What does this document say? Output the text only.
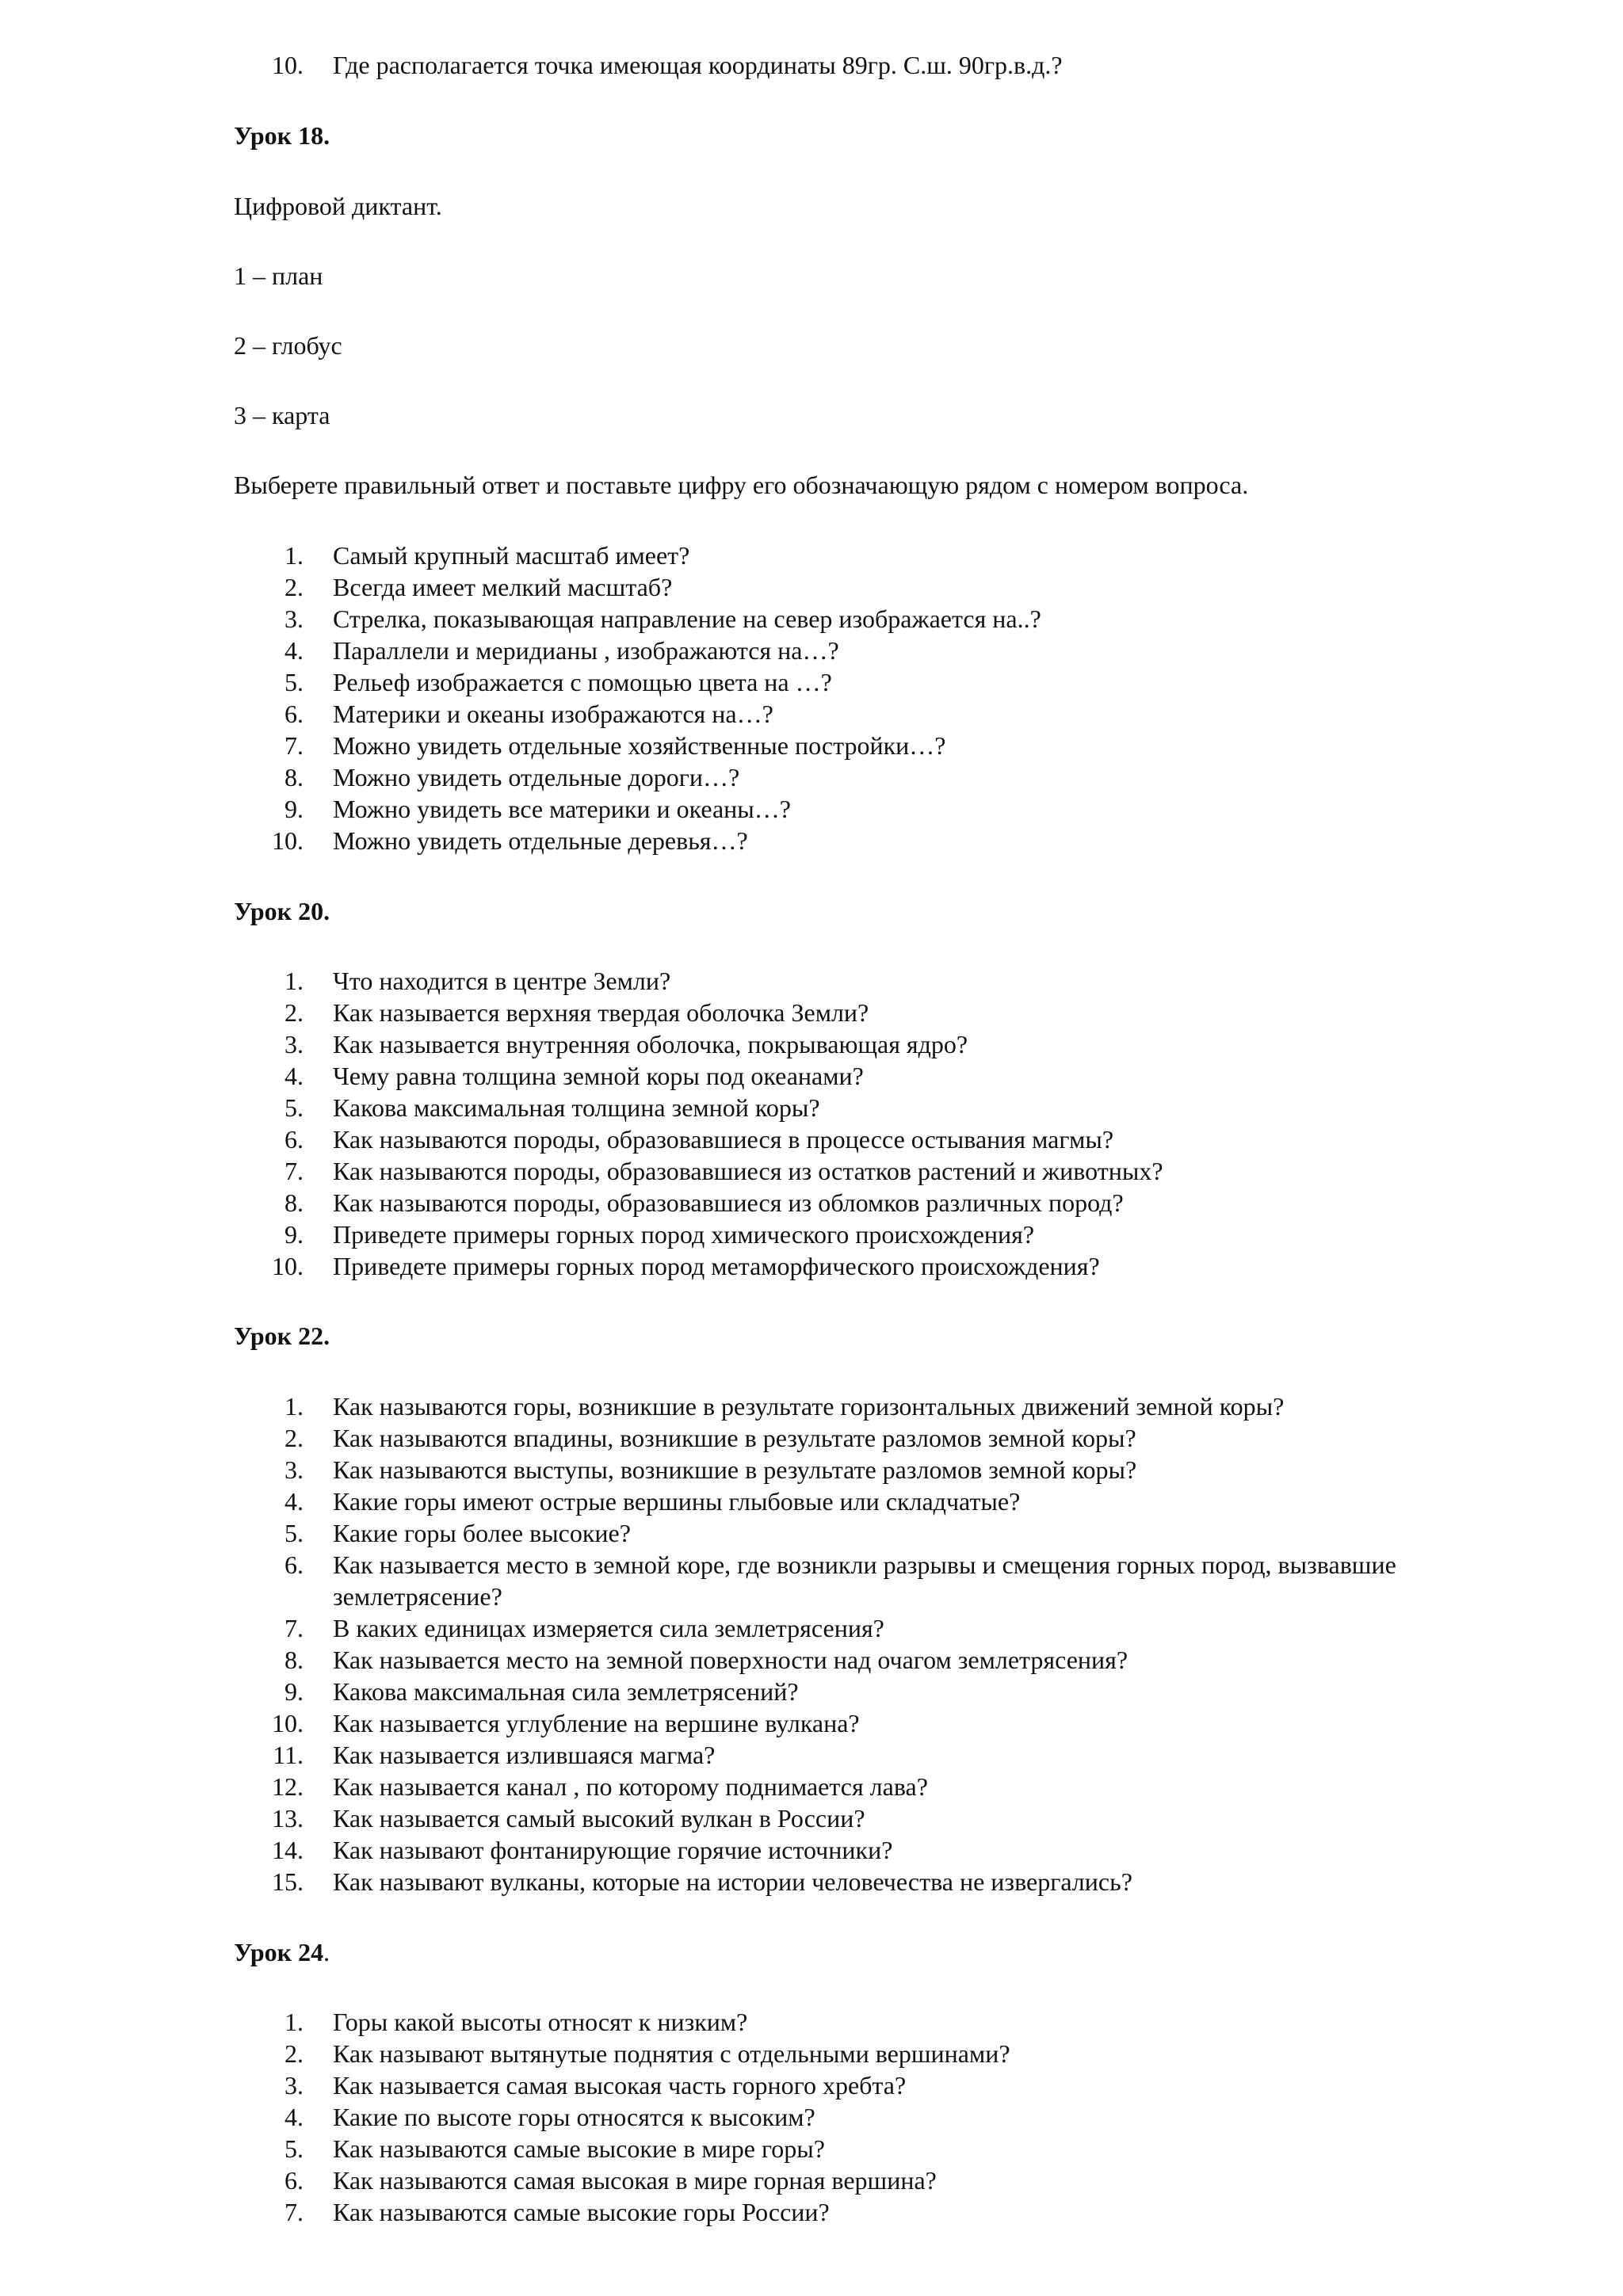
10. Где располагается точка имеющая координаты 89гр. С.ш. 90гр.в.д.?
Урок 18.
Цифровой диктант.
1 – план
2 – глобус
3 – карта
Выберете правильный ответ и поставьте цифру его обозначающую рядом с номером вопроса.
1. Самый крупный масштаб имеет?
2. Всегда имеет мелкий масштаб?
3. Стрелка, показывающая направление на север изображается на..?
4. Параллели и меридианы , изображаются на…?
5. Рельеф изображается с помощью цвета на …?
6. Материки и океаны изображаются на…?
7. Можно увидеть отдельные хозяйственные постройки…?
8. Можно увидеть отдельные дороги…?
9. Можно увидеть все материки и океаны…?
10. Можно увидеть отдельные деревья…?
Урок 20.
1. Что находится в центре Земли?
2. Как называется верхняя твердая оболочка Земли?
3. Как называется внутренняя оболочка, покрывающая ядро?
4. Чему равна толщина земной коры под океанами?
5. Какова максимальная толщина земной коры?
6. Как называются породы, образовавшиеся в процессе остывания магмы?
7. Как называются породы, образовавшиеся из остатков растений и животных?
8. Как называются породы, образовавшиеся из обломков различных пород?
9. Приведете примеры горных пород химического происхождения?
10. Приведете примеры горных пород метаморфического происхождения?
Урок 22.
1. Как называются горы, возникшие в результате горизонтальных движений земной коры?
2. Как называются впадины, возникшие в результате разломов земной коры?
3. Как называются выступы, возникшие в результате разломов земной коры?
4. Какие горы имеют острые вершины глыбовые или складчатые?
5. Какие горы более высокие?
6. Как называется место в земной коре, где возникли разрывы и смещения горных пород, вызвавшие
землетрясение?
7. В каких единицах измеряется сила землетрясения?
8. Как называется место на земной поверхности над очагом землетрясения?
9. Какова максимальная сила землетрясений?
10. Как называется углубление на вершине вулкана?
11. Как называется излившаяся магма?
12. Как называется канал , по которому поднимается лава?
13. Как называется самый высокий вулкан в России?
14. Как называют фонтанирующие горячие источники?
15. Как называют вулканы, которые на истории человечества не извергались?
Урок 24.
1. Горы какой высоты относят к низким?
2. Как называют вытянутые поднятия с отдельными вершинами?
3. Как называется самая высокая часть горного хребта?
4. Какие по высоте горы относятся к высоким?
5. Как называются самые высокие в мире горы?
6. Как называются самая высокая в мире горная вершина?
7. Как называются самые высокие горы России?
